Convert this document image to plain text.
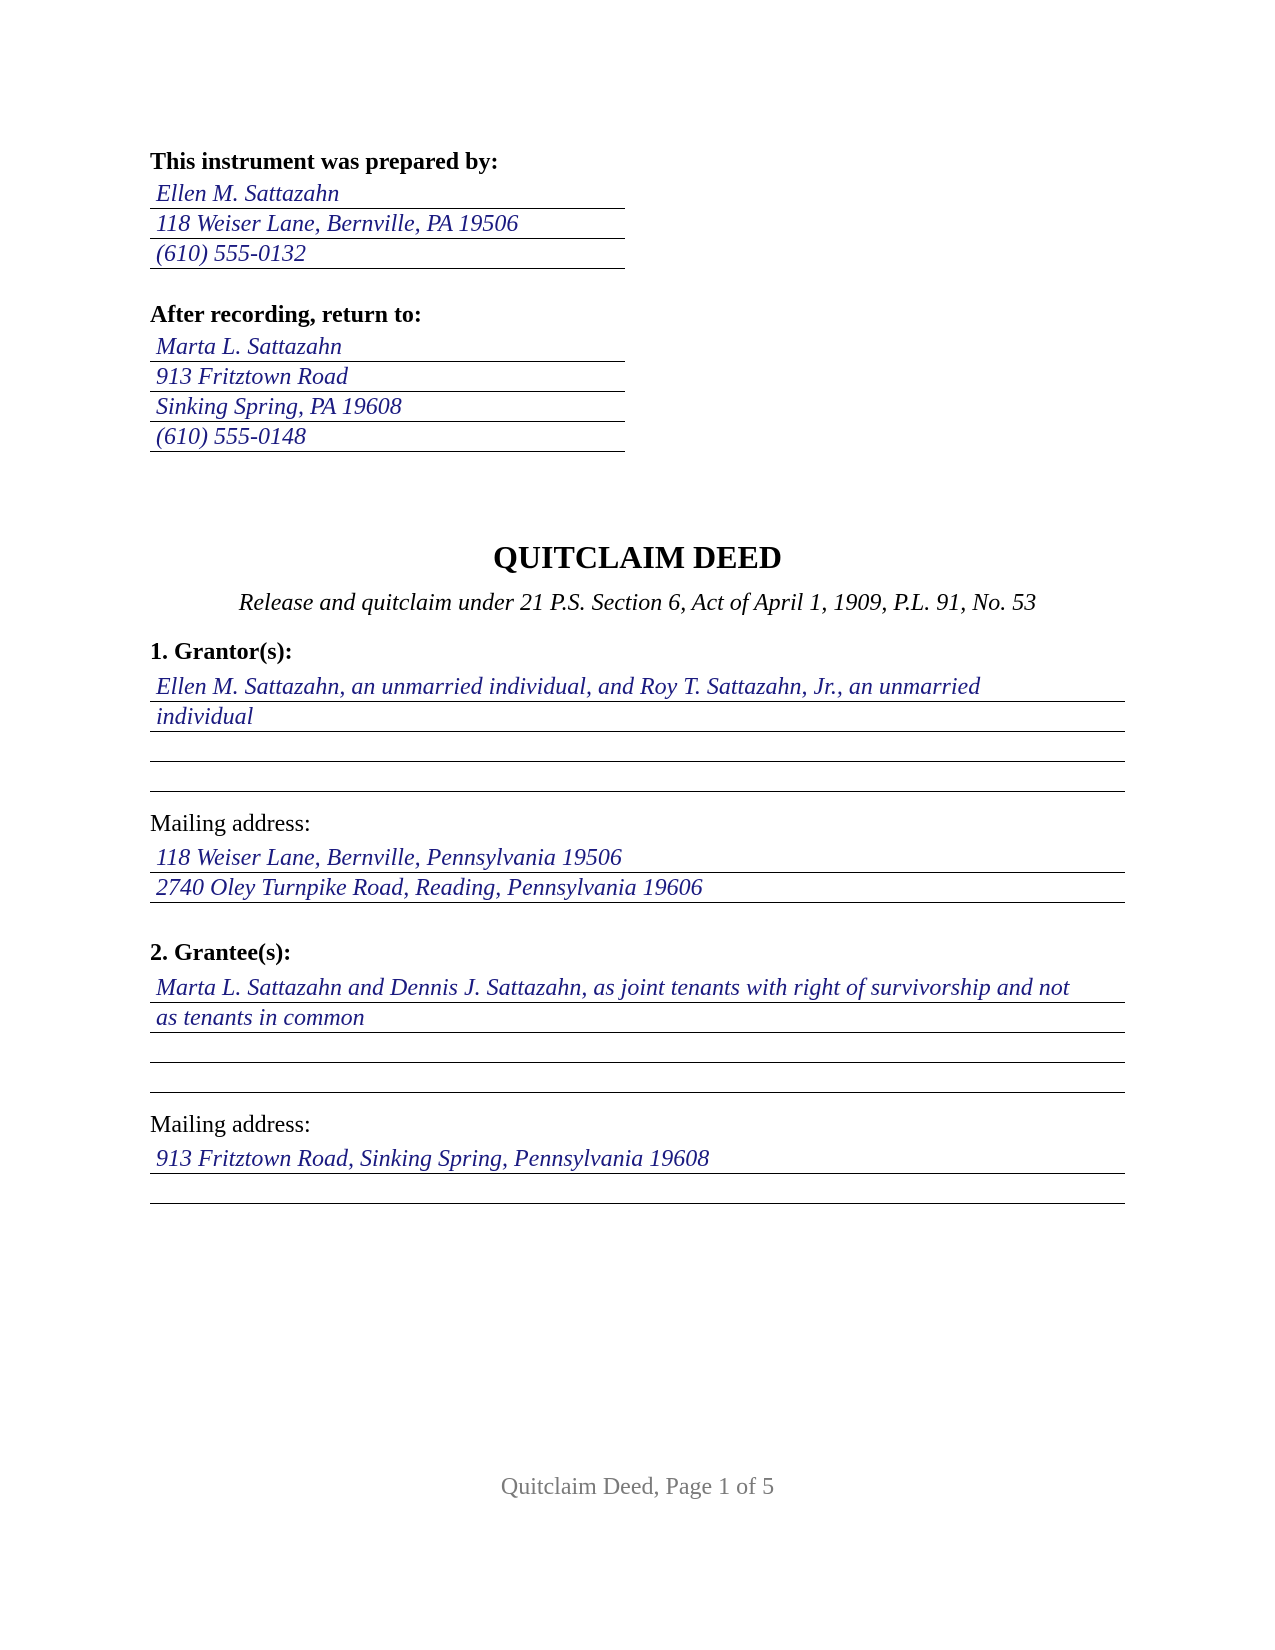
This instrument was prepared by:
Ellen M. Sattazahn
118 Weiser Lane, Bernville, PA 19506
(610) 555-0132
After recording, return to:
Marta L. Sattazahn
913 Fritztown Road
Sinking Spring, PA 19608
(610) 555-0148
QUITCLAIM DEED
Release and quitclaim under 21 P.S. Section 6, Act of April 1, 1909, P.L. 91, No. 53
1. Grantor(s):
Ellen M. Sattazahn, an unmarried individual, and Roy T. Sattazahn, Jr., an unmarried
individual
Mailing address:
118 Weiser Lane, Bernville, Pennsylvania 19506
2740 Oley Turnpike Road, Reading, Pennsylvania 19606
2. Grantee(s):
Marta L. Sattazahn and Dennis J. Sattazahn, as joint tenants with right of survivorship and not
as tenants in common
Mailing address:
913 Fritztown Road, Sinking Spring, Pennsylvania 19608
Quitclaim Deed, Page 1 of 5
